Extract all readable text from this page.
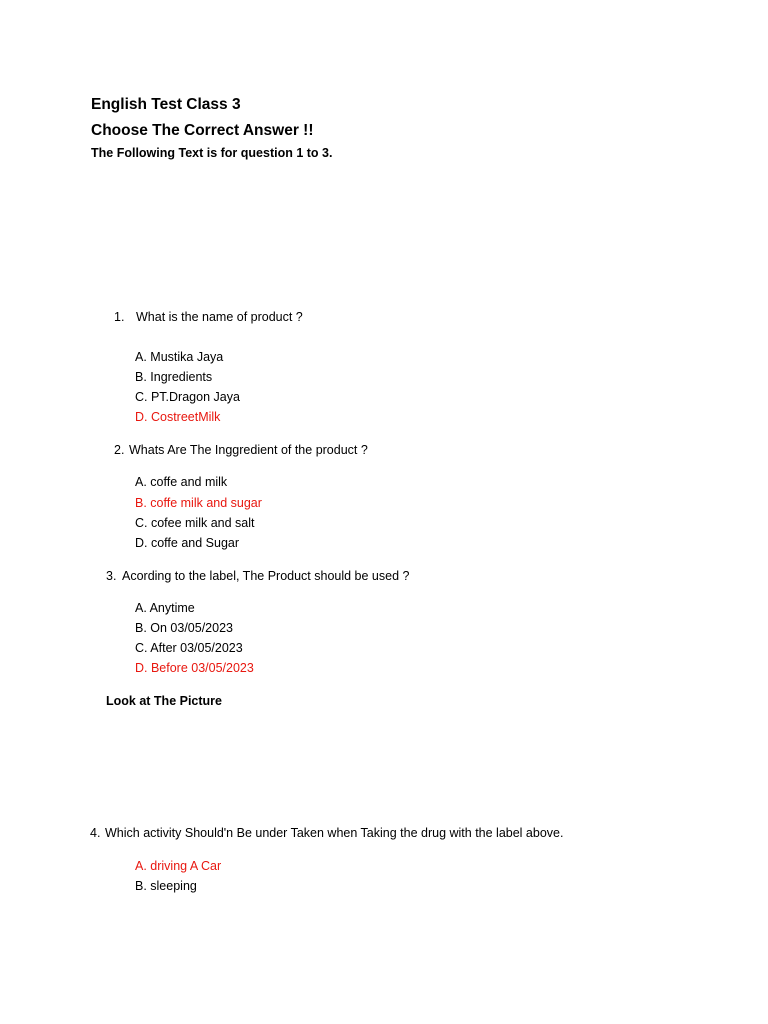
English Test Class 3
Choose The Correct Answer !!
The Following Text is for question 1 to 3.
1. What is the name of product ?
A. Mustika Jaya
B. Ingredients
C. PT.Dragon Jaya
D. CostreetMilk
2. Whats Are The Inggredient of the product ?
A. coffe and milk
B. coffe milk and sugar
C. cofee milk and salt
D. coffe and Sugar
3. Acording to the label, The Product should be used ?
A. Anytime
B. On 03/05/2023
C. After 03/05/2023
D. Before 03/05/2023
Look at The Picture
4. Which activity Should'n Be under Taken when Taking the drug with the label above.
A. driving A Car
B. sleeping
